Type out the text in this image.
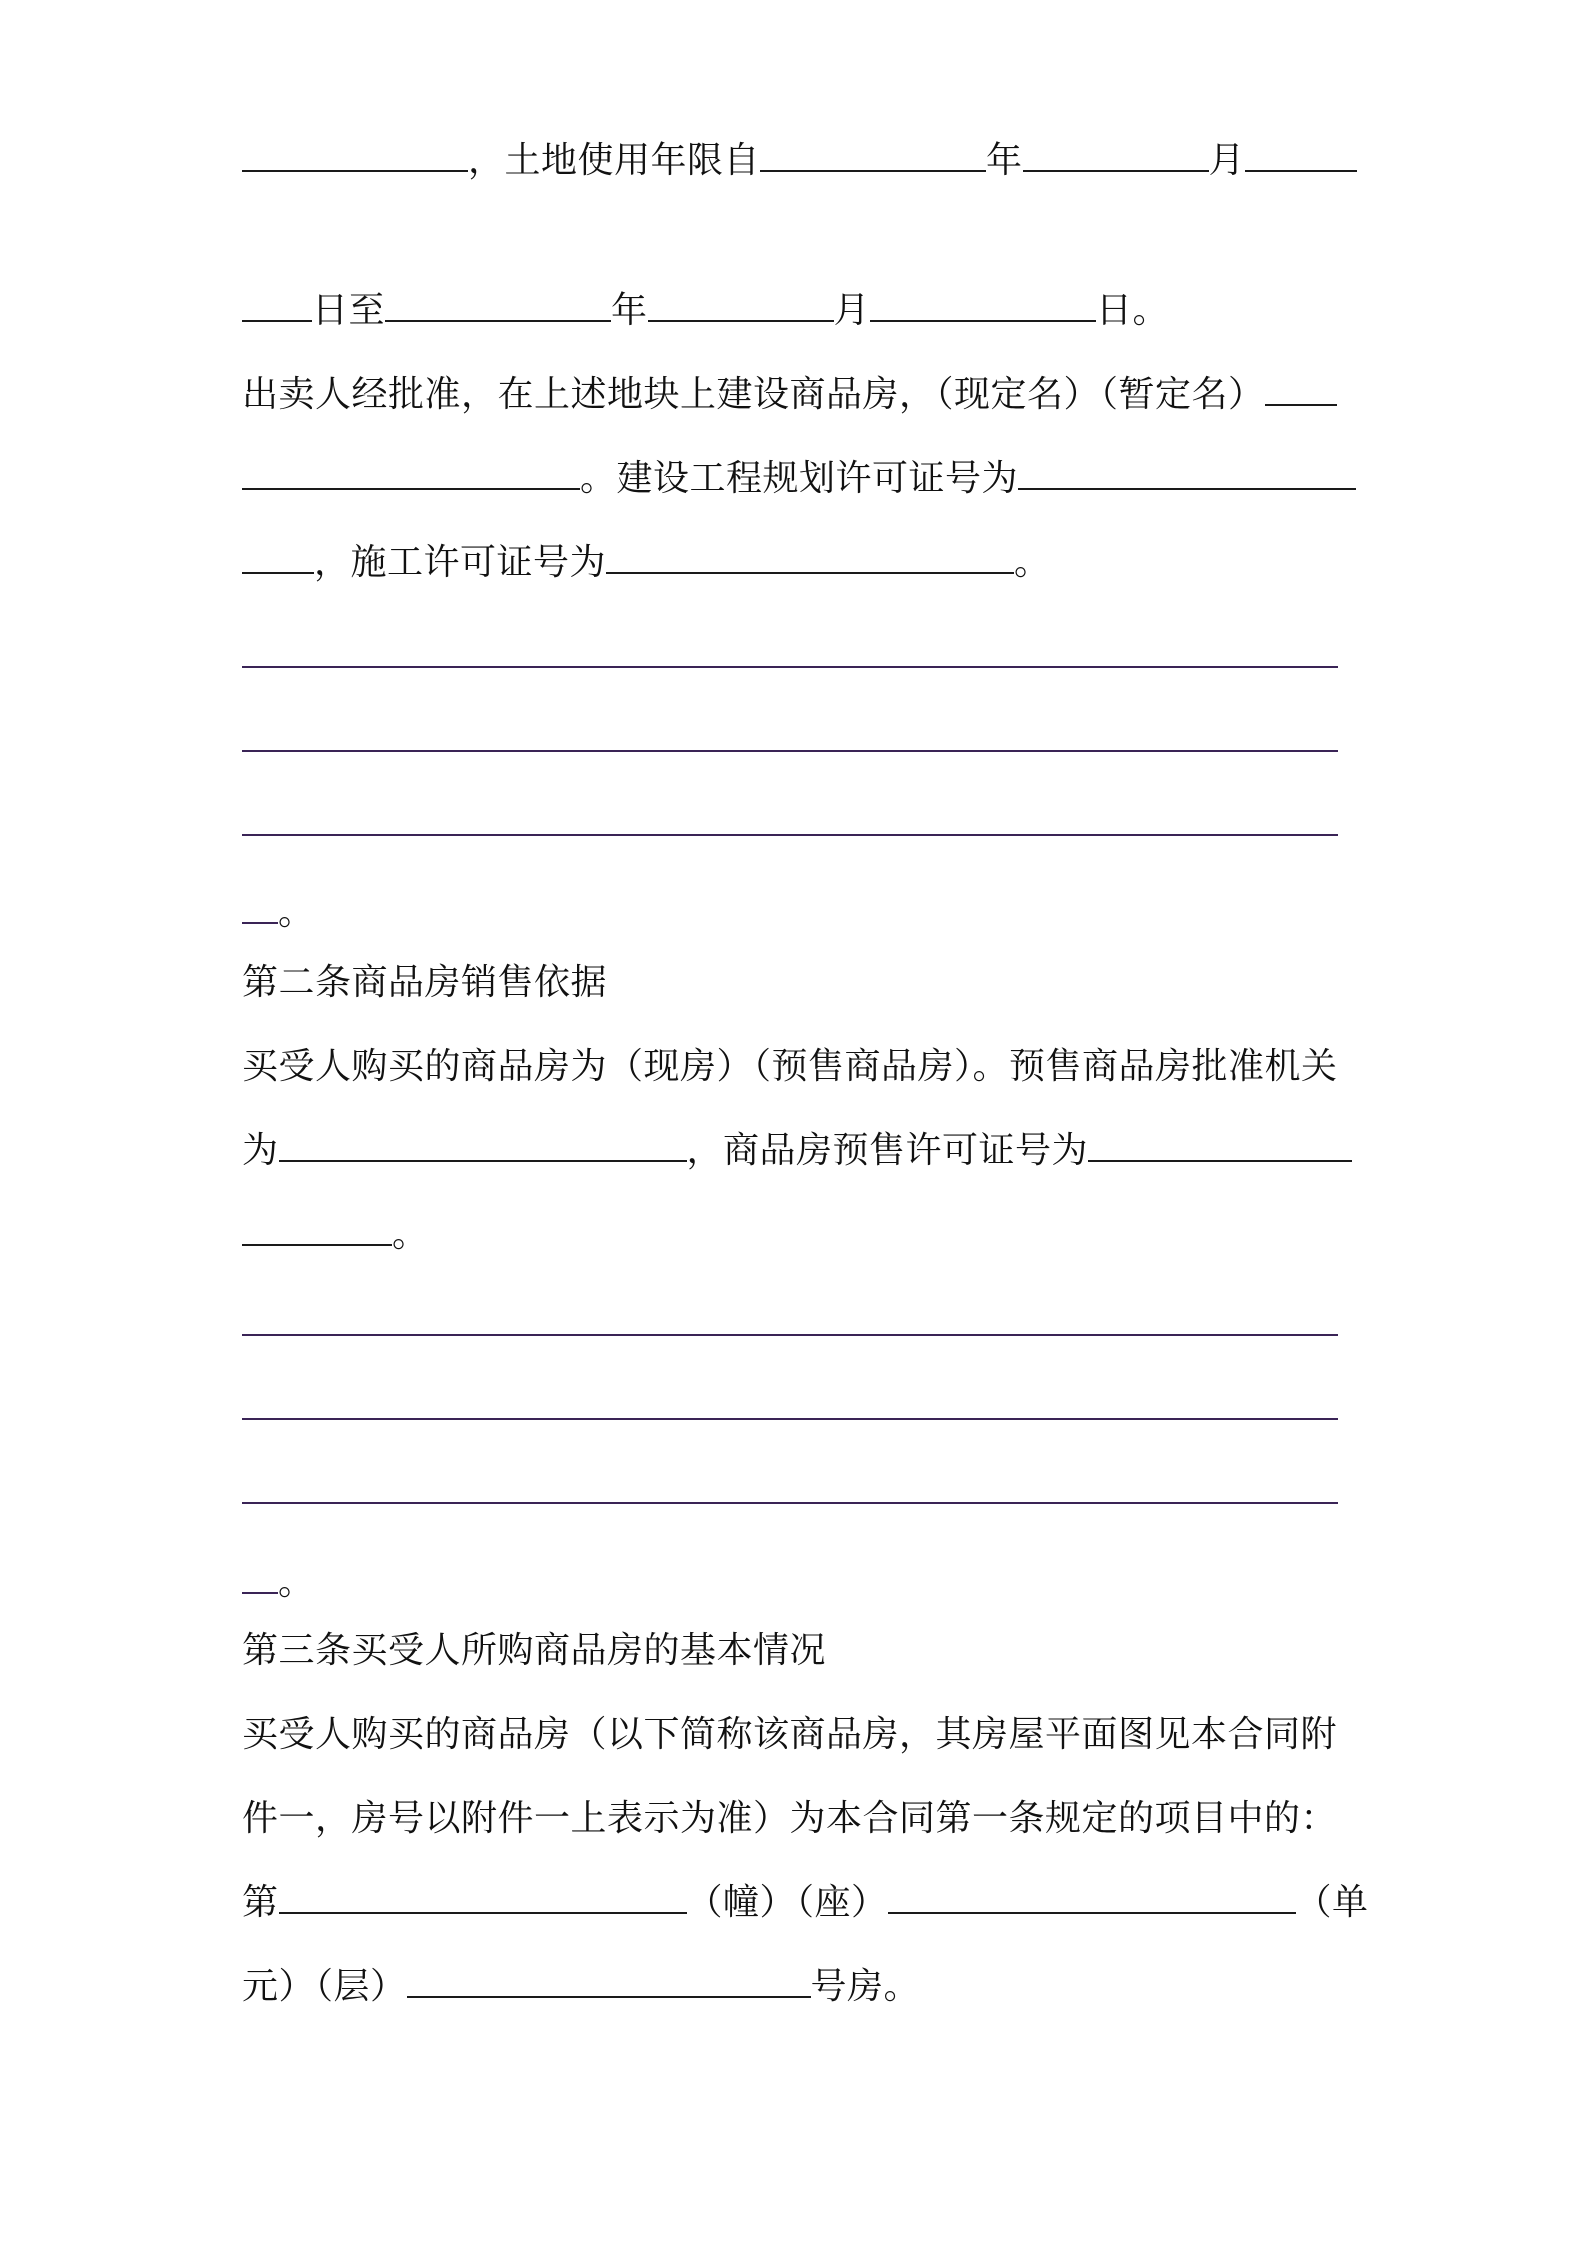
，土地使用年限自	年	月
日至	年	月	日。
出卖人经批准，在上述地块上建设商品房，（现定名）（暂定名）
。建设工程规划许可证号为
，施工许可证号为	。
。
第二条商品房销售依据
买受人购买的商品房为（现房）（预售商品房）。预售商品房批准机关
为	，商品房预售许可证号为
。
。
第三条买受人所购商品房的基本情况
买受人购买的商品房（以下简称该商品房，其房屋平面图见本合同附
件一，房号以附件一上表示为准）为本合同第一条规定的项目中的：
第	（幢）（座）	（单
元）（层）	号房。
